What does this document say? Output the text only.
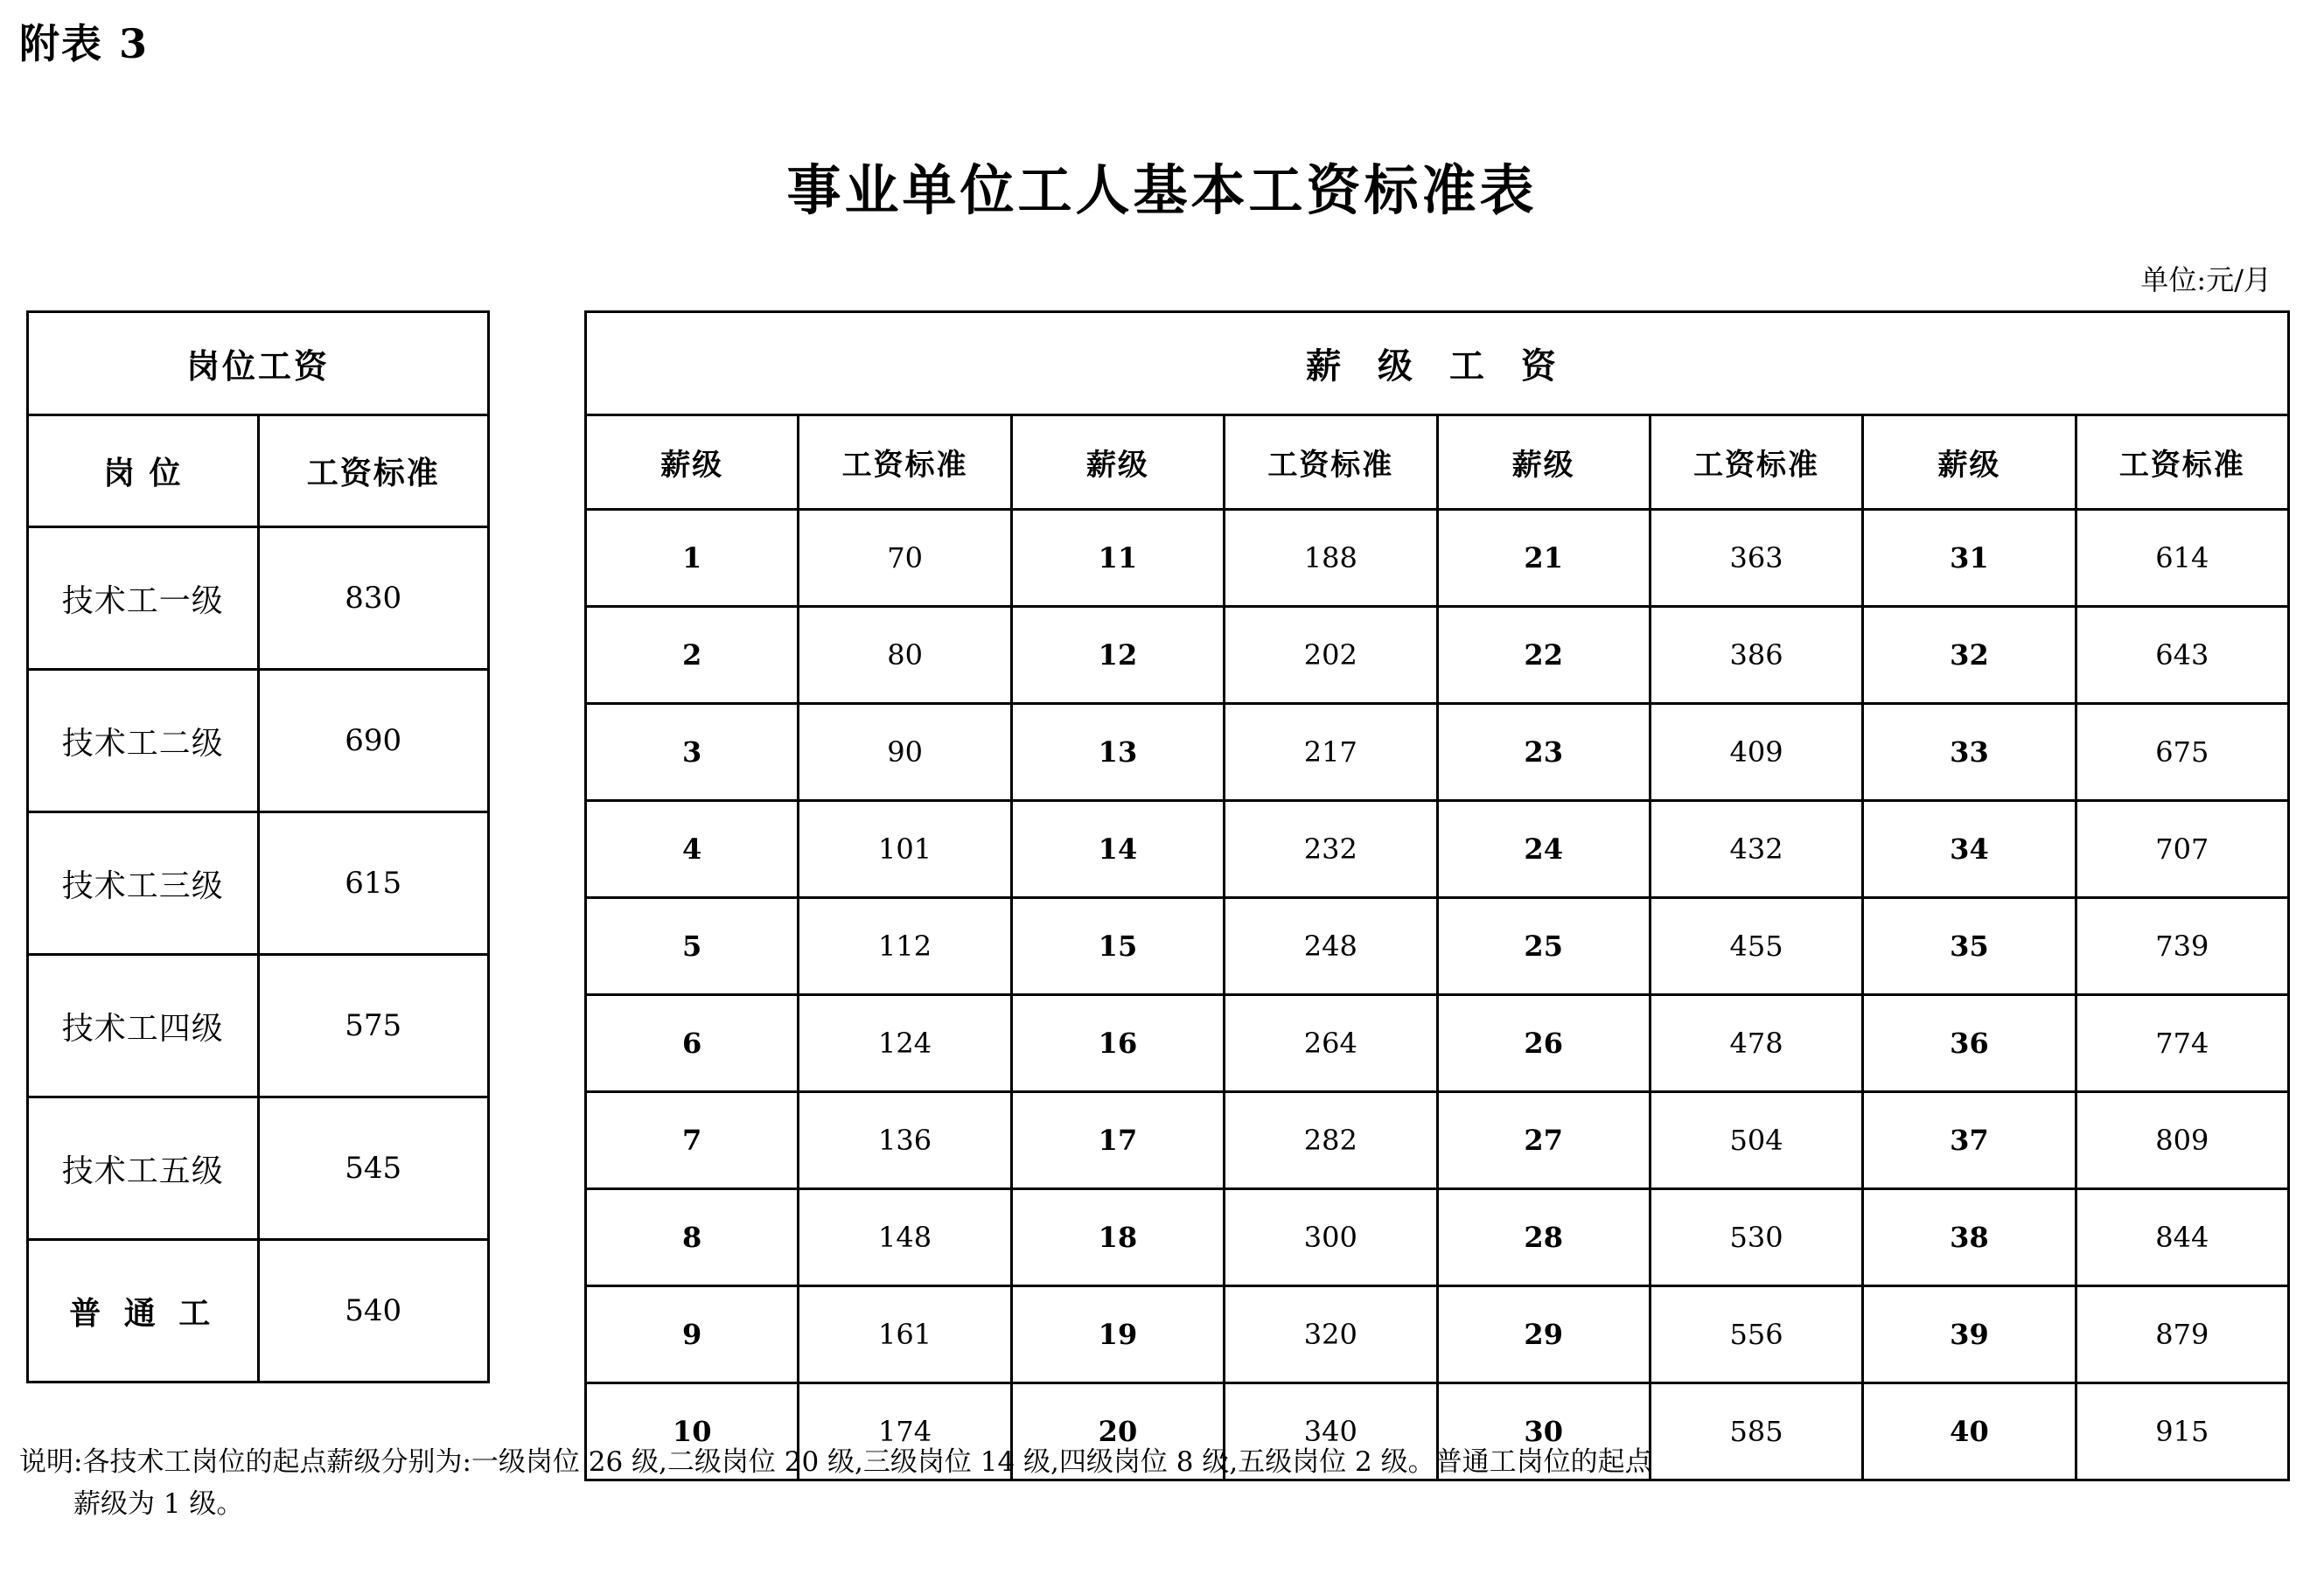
附表 3
事业单位工人基本工资标准表
单位:元/月
岗位工资	
岗 位	工资标准
技术工一级	830
技术工二级	690
技术工三级	615
技术工四级	575
技术工五级	545
普 通 工	540
薪 级 工 资							
薪级	工资标准	薪级	工资标准	薪级	工资标准	薪级	工资标准
1	70	11	188	21	363	31	614
2	80	12	202	22	386	32	643
3	90	13	217	23	409	33	675
4	101	14	232	24	432	34	707
5	112	15	248	25	455	35	739
6	124	16	264	26	478	36	774
7	136	17	282	27	504	37	809
8	148	18	300	28	530	38	844
9	161	19	320	29	556	39	879
10	174	20	340	30	585	40	915
说明:各技术工岗位的起点薪级分别为:一级岗位 26 级,二级岗位 20 级,三级岗位 14 级,四级岗位 8 级,五级岗位 2 级。普通工岗位的起点
薪级为 1 级。
